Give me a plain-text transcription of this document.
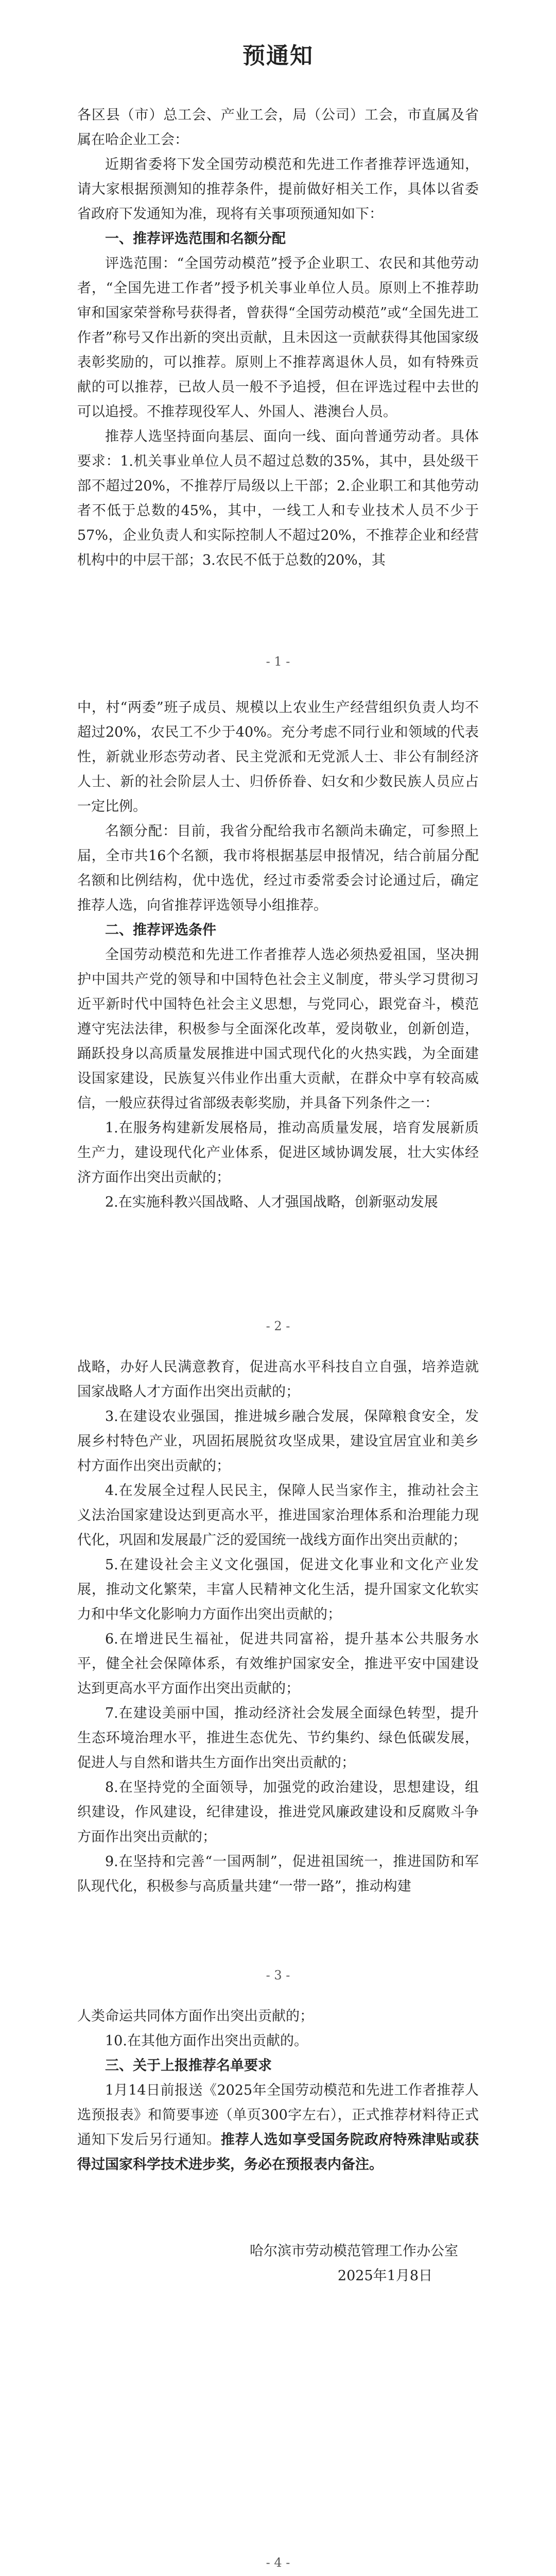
预通知

各区县（市）总工会、产业工会，局（公司）工会，市直属及省属在哈企业工会：

近期省委将下发全国劳动模范和先进工作者推荐评选通知，请大家根据预测知的推荐条件，提前做好相关工作，具体以省委省政府下发通知为准，现将有关事项预通知如下：

一、推荐评选范围和名额分配

评选范围：“全国劳动模范”授予企业职工、农民和其他劳动者，“全国先进工作者”授予机关事业单位人员。原则上不推荐助审和国家荣誉称号获得者，曾获得“全国劳动模范”或“全国先进工作者”称号又作出新的突出贡献，且未因这一贡献获得其他国家级表彰奖励的，可以推荐。原则上不推荐离退休人员，如有特殊贡献的可以推荐，已故人员一般不予追授，但在评选过程中去世的可以追授。不推荐现役军人、外国人、港澳台人员。

推荐人选坚持面向基层、面向一线、面向普通劳动者。具体要求：1.机关事业单位人员不超过总数的35%，其中，县处级干部不超过20%，不推荐厅局级以上干部；2.企业职工和其他劳动者不低于总数的45%，其中，一线工人和专业技术人员不少于57%，企业负责人和实际控制人不超过20%，不推荐企业和经营机构中的中层干部；3.农民不低于总数的20%，其

- 1 -

中，村“两委”班子成员、规模以上农业生产经营组织负责人均不超过20%，农民工不少于40%。充分考虑不同行业和领域的代表性，新就业形态劳动者、民主党派和无党派人士、非公有制经济人士、新的社会阶层人士、归侨侨眷、妇女和少数民族人员应占一定比例。

名额分配：目前，我省分配给我市名额尚未确定，可参照上届，全市共16个名额，我市将根据基层申报情况，结合前届分配名额和比例结构，优中选优，经过市委常委会讨论通过后，确定推荐人选，向省推荐评选领导小组推荐。

二、推荐评选条件

全国劳动模范和先进工作者推荐人选必须热爱祖国，坚决拥护中国共产党的领导和中国特色社会主义制度，带头学习贯彻习近平新时代中国特色社会主义思想，与党同心，跟党奋斗，模范遵守宪法法律，积极参与全面深化改革，爱岗敬业，创新创造，踊跃投身以高质量发展推进中国式现代化的火热实践，为全面建设国家建设，民族复兴伟业作出重大贡献，在群众中享有较高威信，一般应获得过省部级表彰奖励，并具备下列条件之一：

1.在服务构建新发展格局，推动高质量发展，培育发展新质生产力，建设现代化产业体系，促进区域协调发展，壮大实体经济方面作出突出贡献的；

2.在实施科教兴国战略、人才强国战略，创新驱动发展

- 2 -

战略，办好人民满意教育，促进高水平科技自立自强，培养造就国家战略人才方面作出突出贡献的；

3.在建设农业强国，推进城乡融合发展，保障粮食安全，发展乡村特色产业，巩固拓展脱贫攻坚成果，建设宜居宜业和美乡村方面作出突出贡献的；

4.在发展全过程人民民主，保障人民当家作主，推动社会主义法治国家建设达到更高水平，推进国家治理体系和治理能力现代化，巩固和发展最广泛的爱国统一战线方面作出突出贡献的；

5.在建设社会主义文化强国，促进文化事业和文化产业发展，推动文化繁荣，丰富人民精神文化生活，提升国家文化软实力和中华文化影响力方面作出突出贡献的；

6.在增进民生福祉，促进共同富裕，提升基本公共服务水平，健全社会保障体系，有效维护国家安全，推进平安中国建设达到更高水平方面作出突出贡献的；

7.在建设美丽中国，推动经济社会发展全面绿色转型，提升生态环境治理水平，推进生态优先、节约集约、绿色低碳发展，促进人与自然和谐共生方面作出突出贡献的；

8.在坚持党的全面领导，加强党的政治建设，思想建设，组织建设，作风建设，纪律建设，推进党风廉政建设和反腐败斗争方面作出突出贡献的；

9.在坚持和完善“一国两制”，促进祖国统一，推进国防和军队现代化，积极参与高质量共建“一带一路”，推动构建

- 3 -

人类命运共同体方面作出突出贡献的；

10.在其他方面作出突出贡献的。

三、关于上报推荐名单要求

1月14日前报送《2025年全国劳动模范和先进工作者推荐人选预报表》和简要事迹（单页300字左右），正式推荐材料待正式通知下发后另行通知。推荐人选如享受国务院政府特殊津贴或获得过国家科学技术进步奖，务必在预报表内备注。

哈尔滨市劳动模范管理工作办公室

2025年1月8日

- 4 -
